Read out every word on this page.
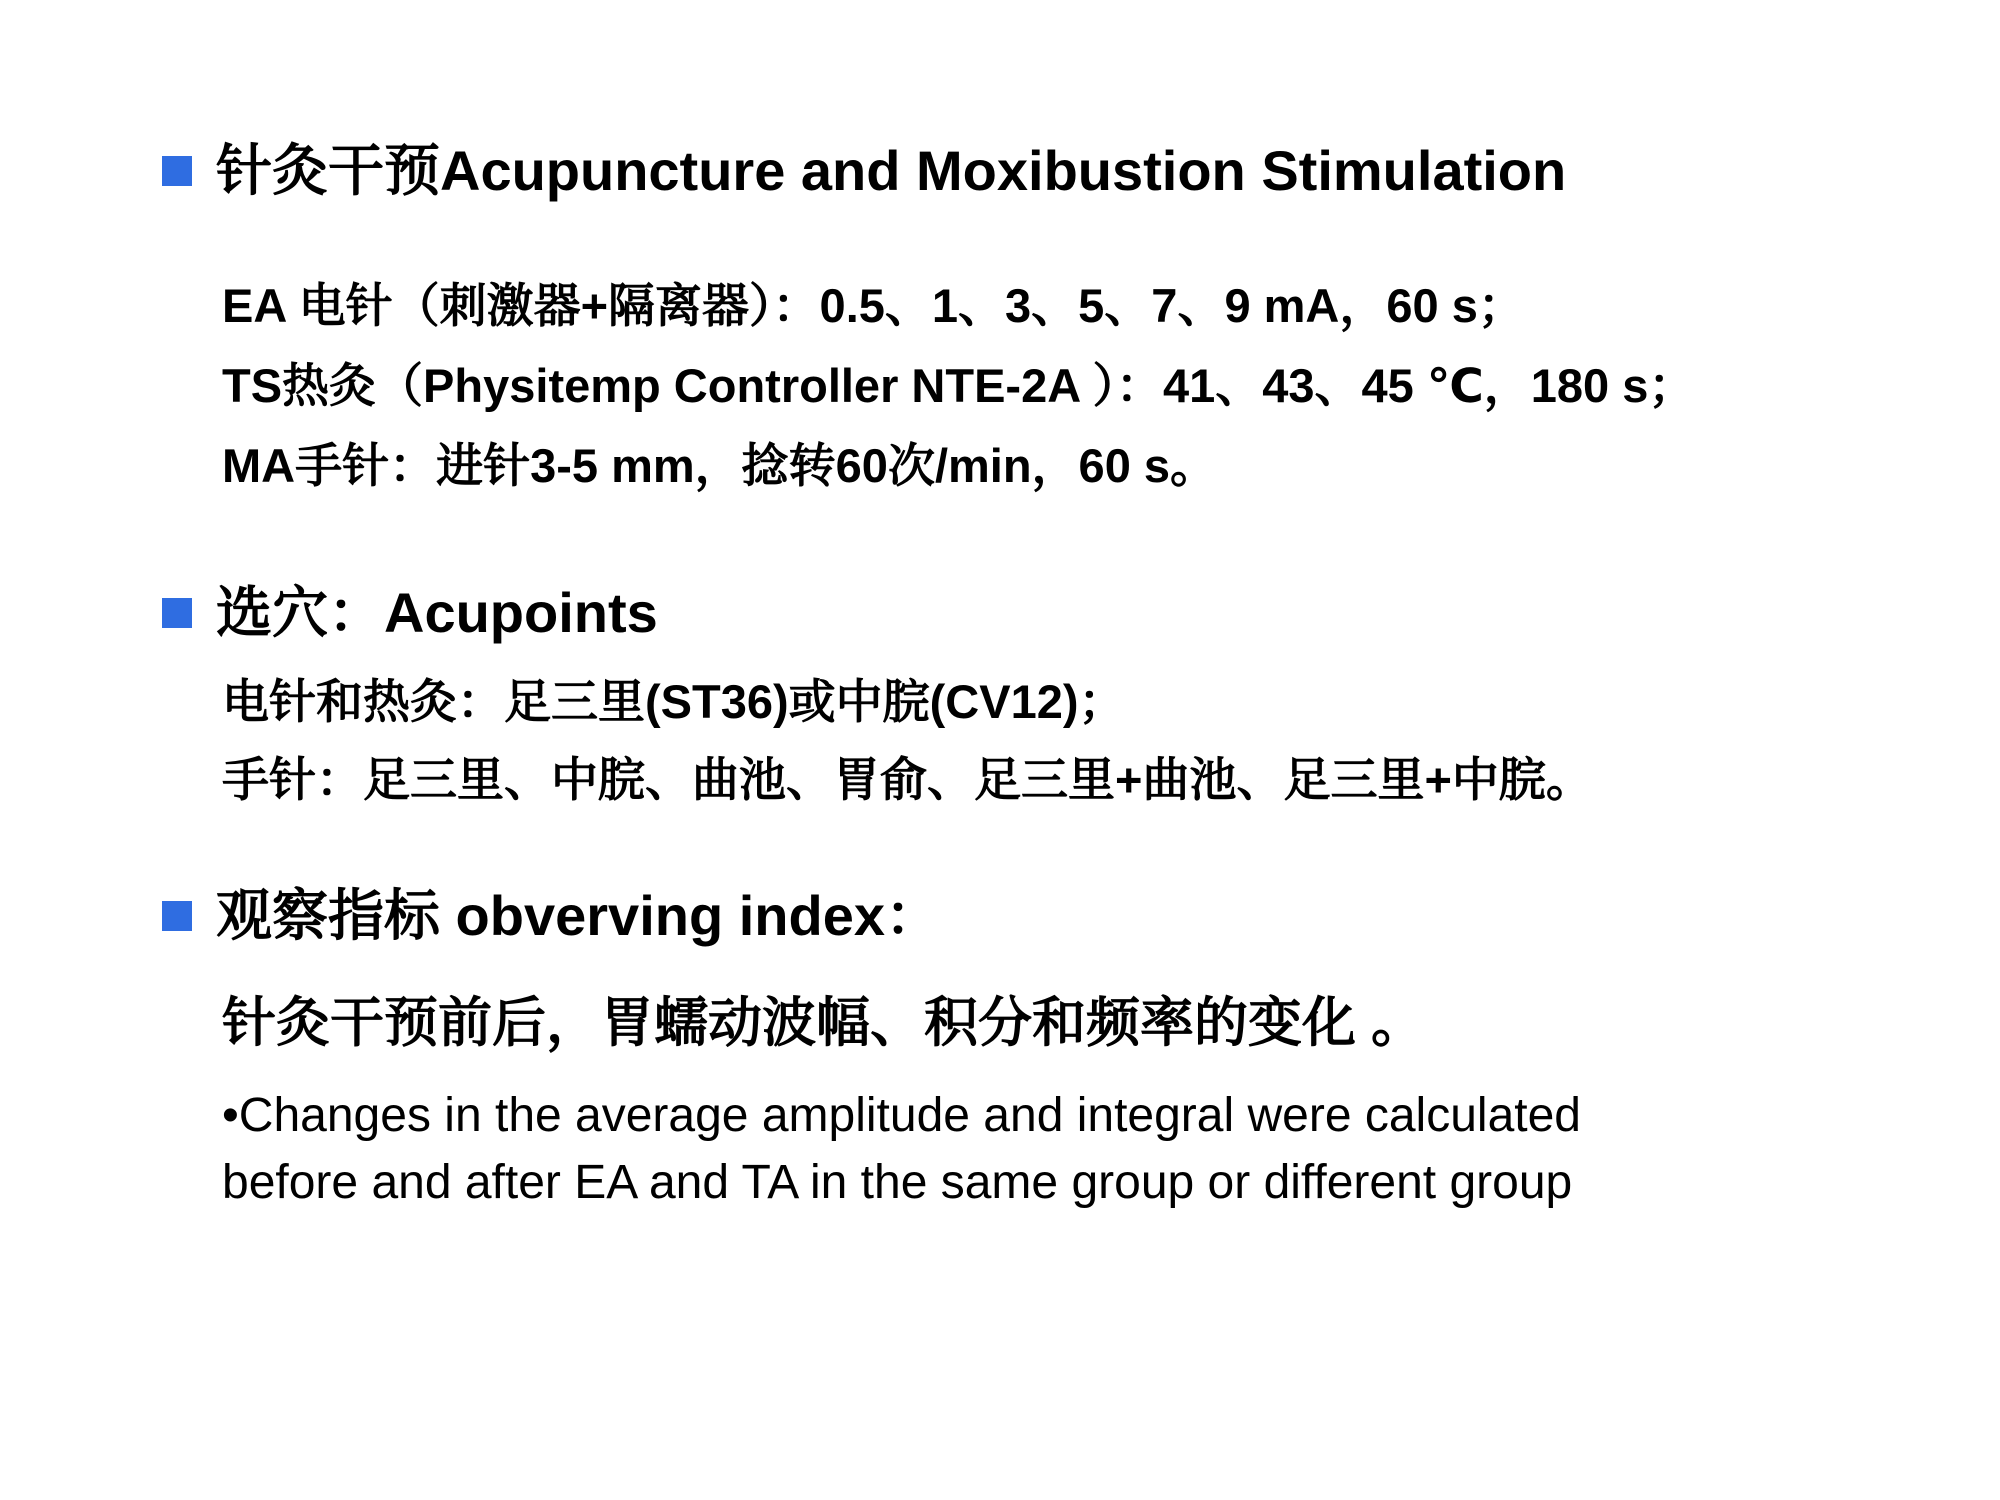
针灸干预Acupuncture and Moxibustion Stimulation
EA 电针（刺激器+隔离器）：0.5、1、3、5、7、9 mA，60 s；
TS热灸（Physitemp Controller NTE-2A ）：41、43、45 ℃，180 s；
MA手针：进针3-5 mm，捻转60次/min，60 s。
选穴：Acupoints
电针和热灸：足三里(ST36)或中脘(CV12)；
手针：足三里、中脘、曲池、胃俞、足三里+曲池、足三里+中脘。
观察指标 obverving index：
针灸干预前后，胃蠕动波幅、积分和频率的变化 。
•Changes in the average amplitude and integral were calculated
before and after EA and TA in the same group or different group
